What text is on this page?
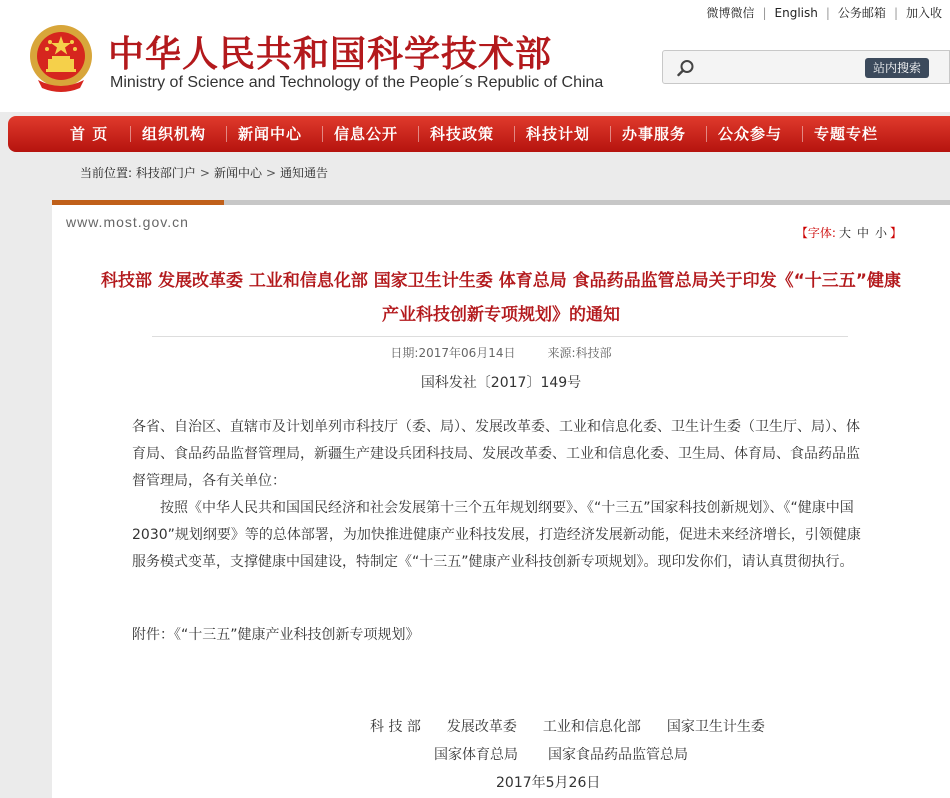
中华人民共和国科学技术部
Ministry of Science and Technology of the People´s Republic of China
微博微信 | English | 公务邮箱 | 加入收
站内搜索
首 页 组织机构 新闻中心 信息公开 科技政策 科技计划 办事服务 公众参与 专题专栏
当前位置: 科技部门户 > 新闻中心 > 通知通告
www.most.gov.cn
【字体: 大 中 小 】
科技部 发展改革委 工业和信息化部 国家卫生计生委 体育总局 食品药品监管总局关于印发《“十三五”健康
产业科技创新专项规划》的通知
日期:2017年06月14日	来源:科技部
国科发社〔2017〕149号

各省、自治区、直辖市及计划单列市科技厅（委、局）、发展改革委、工业和信息化委、卫生计生委（卫生厅、局）、体育局、食品药品监督管理局，新疆生产建设兵团科技局、发展改革委、工业和信息化委、卫生局、体育局、食品药品监督管理局，各有关单位：

按照《中华人民共和国国民经济和社会发展第十三个五年规划纲要》、《“十三五”国家科技创新规划》、《“健康中国2030”规划纲要》等的总体部署，为加快推进健康产业科技发展，打造经济发展新动能，促进未来经济增长，引领健康服务模式变革，支撑健康中国建设，特制定《“十三五”健康产业科技创新专项规划》。现印发你们，请认真贯彻执行。

附件：《“十三五”健康产业科技创新专项规划》
科 技 部 发展改革委 工业和信息化部 国家卫生计生委
国家体育总局 国家食品药品监管总局
2017年5月26日
